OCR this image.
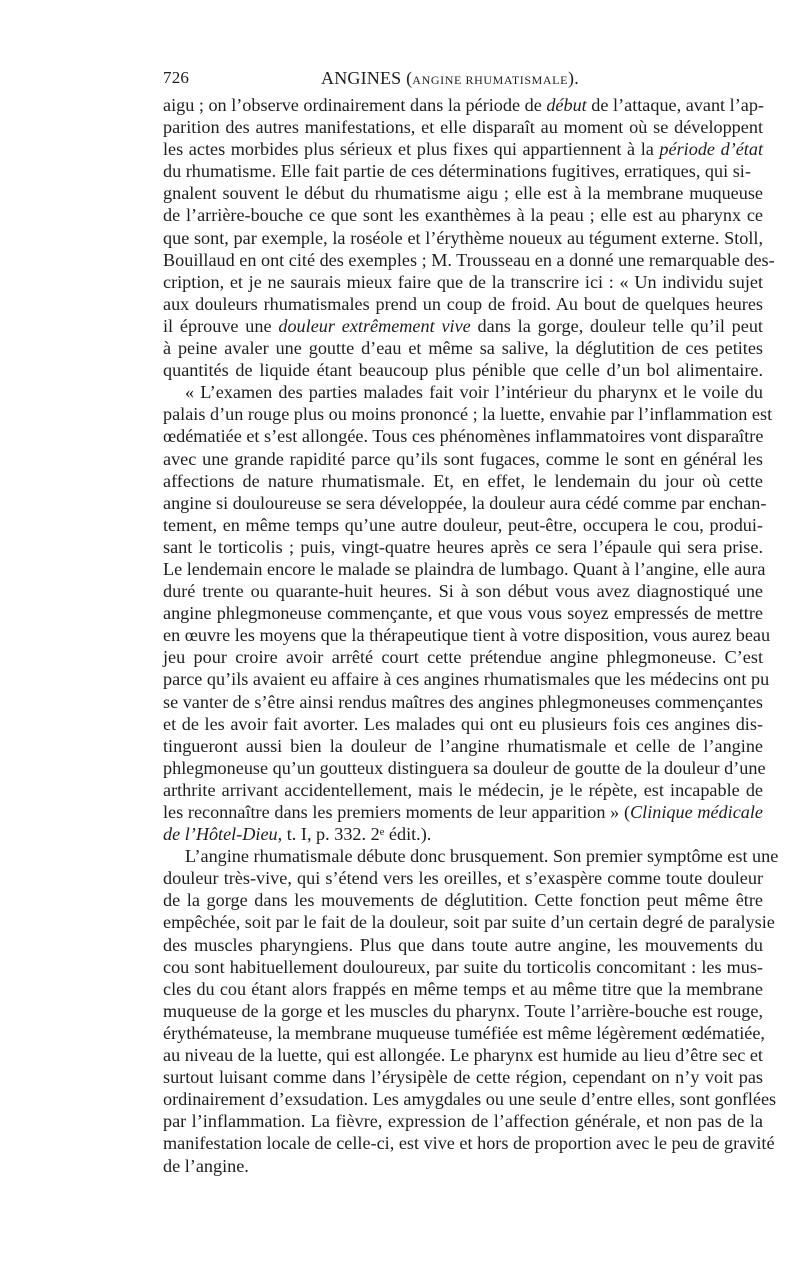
726	ANGINES (ANGINE RHUMATISMALE).
aigu ; on l’observe ordinairement dans la période de début de l’attaque, avant l’ap-
parition des autres manifestations, et elle disparaît au moment où se développent
les actes morbides plus sérieux et plus fixes qui appartiennent à la période d’état
du rhumatisme. Elle fait partie de ces déterminations fugitives, erratiques, qui si-
gnalent souvent le début du rhumatisme aigu ; elle est à la membrane muqueuse
de l’arrière-bouche ce que sont les exanthèmes à la peau ; elle est au pharynx ce
que sont, par exemple, la roséole et l’érythème noueux au tégument externe. Stoll,
Bouillaud en ont cité des exemples ; M. Trousseau en a donné une remarquable des-
cription, et je ne saurais mieux faire que de la transcrire ici : « Un individu sujet
aux douleurs rhumatismales prend un coup de froid. Au bout de quelques heures
il éprouve une douleur extrêmement vive dans la gorge, douleur telle qu’il peut
à peine avaler une goutte d’eau et même sa salive, la déglutition de ces petites
quantités de liquide étant beaucoup plus pénible que celle d’un bol alimentaire.
« L’examen des parties malades fait voir l’intérieur du pharynx et le voile du
palais d’un rouge plus ou moins prononcé ; la luette, envahie par l’inflammation est
œdématiée et s’est allongée. Tous ces phénomènes inflammatoires vont disparaître
avec une grande rapidité parce qu’ils sont fugaces, comme le sont en général les
affections de nature rhumatismale. Et, en effet, le lendemain du jour où cette
angine si douloureuse se sera développée, la douleur aura cédé comme par enchan-
tement, en même temps qu’une autre douleur, peut-être, occupera le cou, produi-
sant le torticolis ; puis, vingt-quatre heures après ce sera l’épaule qui sera prise.
Le lendemain encore le malade se plaindra de lumbago. Quant à l’angine, elle aura
duré trente ou quarante-huit heures. Si à son début vous avez diagnostiqué une
angine phlegmoneuse commençante, et que vous vous soyez empressés de mettre
en œuvre les moyens que la thérapeutique tient à votre disposition, vous aurez beau
jeu pour croire avoir arrêté court cette prétendue angine phlegmoneuse. C’est
parce qu’ils avaient eu affaire à ces angines rhumatismales que les médecins ont pu
se vanter de s’être ainsi rendus maîtres des angines phlegmoneuses commençantes
et de les avoir fait avorter. Les malades qui ont eu plusieurs fois ces angines dis-
tingueront aussi bien la douleur de l’angine rhumatismale et celle de l’angine
phlegmoneuse qu’un goutteux distinguera sa douleur de goutte de la douleur d’une
arthrite arrivant accidentellement, mais le médecin, je le répète, est incapable de
les reconnaître dans les premiers moments de leur apparition » (Clinique médicale
de l’Hôtel-Dieu, t. I, p. 332. 2ᵉ édit.).
L’angine rhumatismale débute donc brusquement. Son premier symptôme est une
douleur très-vive, qui s’étend vers les oreilles, et s’exaspère comme toute douleur
de la gorge dans les mouvements de déglutition. Cette fonction peut même être
empêchée, soit par le fait de la douleur, soit par suite d’un certain degré de paralysie
des muscles pharyngiens. Plus que dans toute autre angine, les mouvements du
cou sont habituellement douloureux, par suite du torticolis concomitant : les mus-
cles du cou étant alors frappés en même temps et au même titre que la membrane
muqueuse de la gorge et les muscles du pharynx. Toute l’arrière-bouche est rouge,
érythémateuse, la membrane muqueuse tuméfiée est même légèrement œdématiée,
au niveau de la luette, qui est allongée. Le pharynx est humide au lieu d’être sec et
surtout luisant comme dans l’érysipèle de cette région, cependant on n’y voit pas
ordinairement d’exsudation. Les amygdales ou une seule d’entre elles, sont gonflées
par l’inflammation. La fièvre, expression de l’affection générale, et non pas de la
manifestation locale de celle-ci, est vive et hors de proportion avec le peu de gravité
de l’angine.
